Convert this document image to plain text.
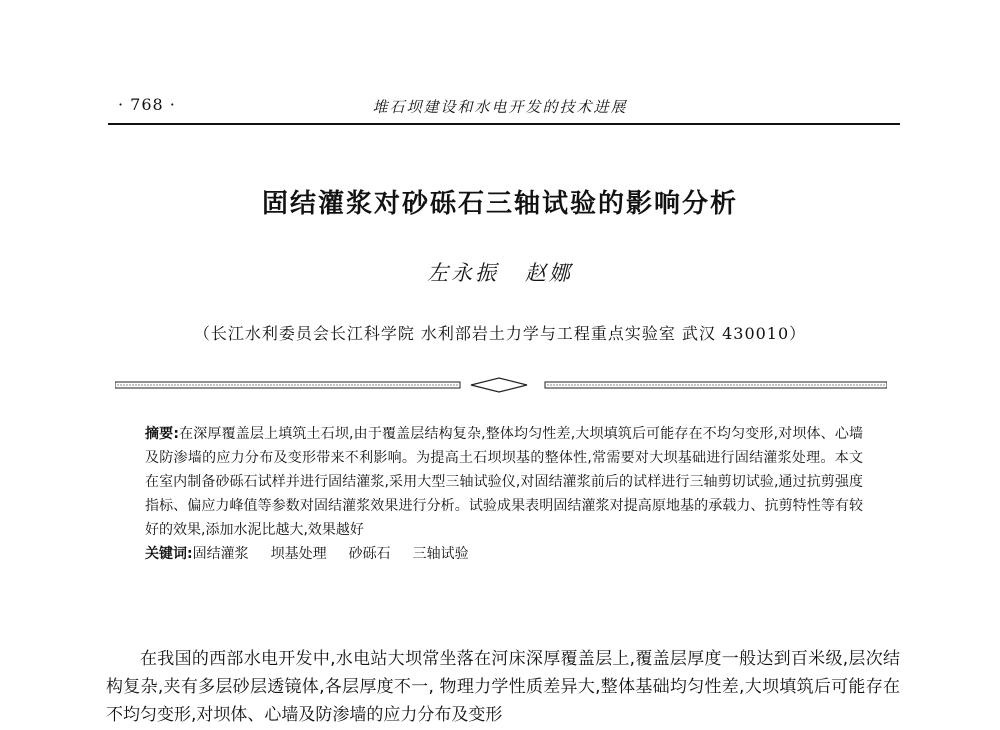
· 768 ·	堆石坝建设和水电开发的技术进展
固结灌浆对砂砾石三轴试验的影响分析
左永振 赵娜
（长江水利委员会长江科学院 水利部岩土力学与工程重点实验室 武汉 430010）

摘要:在深厚覆盖层上填筑土石坝,由于覆盖层结构复杂,整体均匀性差,大坝填筑后可能存在不均匀变形,对坝体、心墙及防渗墙的应力分布及变形带来不利影响。为提高土石坝坝基的整体性,常需要对大坝基础进行固结灌浆处理。本文在室内制备砂砾石试样并进行固结灌浆,采用大型三轴试验仪,对固结灌浆前后的试样进行三轴剪切试验,通过抗剪强度指标、偏应力峰值等参数对固结灌浆效果进行分析。试验成果表明固结灌浆对提高原地基的承载力、抗剪特性等有较好的效果,添加水泥比越大,效果越好

关键词:固结灌浆 坝基处理 砂砾石 三轴试验

在我国的西部水电开发中,水电站大坝常坐落在河床深厚覆盖层上,覆盖层厚度一般达到百米级,层次结构复杂,夹有多层砂层透镜体,各层厚度不一, 物理力学性质差异大,整体基础均匀性差,大坝填筑后可能存在不均匀变形,对坝体、心墙及防渗墙的应力分布及变形
